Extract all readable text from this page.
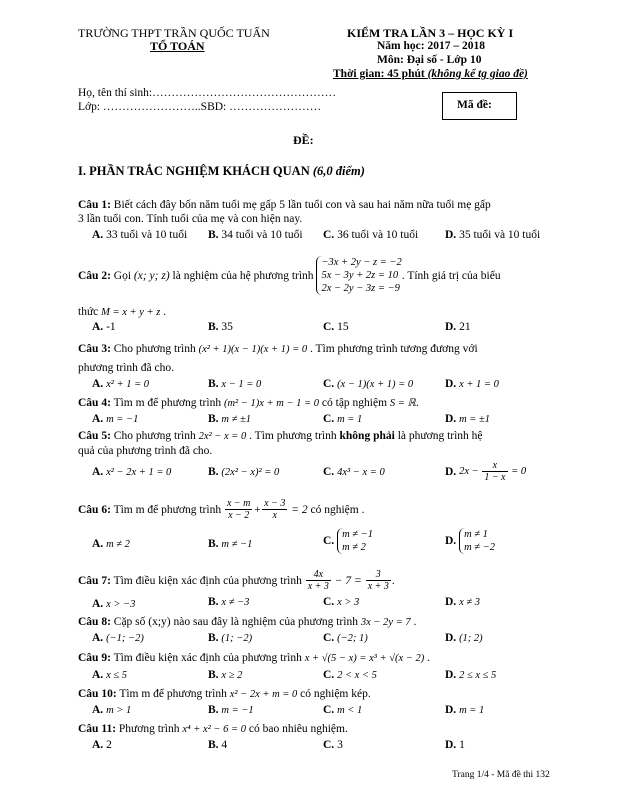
TRƯỜNG THPT TRẦN QUỐC TUẤN
TỔ TOÁN
KIỂM TRA LẦN 3 – HỌC KỲ I
Năm học: 2017 – 2018
Môn: Đại số - Lớp 10
Thời gian: 45 phút (không kể tg giao đề)
Họ, tên thí sinh:…………………………………………
Lớp: ……………………..SBD: ……………………	Mã đề:
ĐỀ:
I. PHẦN TRẮC NGHIỆM KHÁCH QUAN (6,0 điểm)
Câu 1: Biết cách đây bốn năm tuổi mẹ gấp 5 lần tuổi con và sau hai năm nữa tuổi mẹ gấp
3 lần tuổi con. Tính tuổi của mẹ và con hiện nay.
A. 33 tuổi và 10 tuổi B. 34 tuổi và 10 tuổi C. 36 tuổi và 10 tuổi D. 35 tuổi và 10 tuổi
Câu 2: Gọi (x; y; z) là nghiệm của hệ phương trình
−3x + 2y − z = −2
5x − 3y + 2z = 10
2x − 2y − 3z = −9
. Tính giá trị của biểu
thức M = x + y + z .
A. -1	B. 35	C. 15	D. 21
Câu 3: Cho phương trình (x² + 1)(x − 1)(x + 1) = 0 . Tìm phương trình tương đương với
phương trình đã cho.
A. x² + 1 = 0	B. x − 1 = 0	C. (x − 1)(x + 1) = 0	D. x + 1 = 0
Câu 4: Tìm m để phương trình (m² − 1)x + m − 1 = 0 có tập nghiệm S = ℝ.
A. m = −1	B. m ≠ ±1	C. m = 1	D. m = ±1
Câu 5: Cho phương trình 2x² − x = 0 . Tìm phương trình không phải là phương trình hệ
quả của phương trình đã cho.
A. x² − 2x + 1 = 0	B. (2x² − x)² = 0	C. 4x³ − x = 0	D.
$2x - \frac{x}{1 - x} = 0$
Câu 6: Tìm m để phương trình $\frac{x - m}{x - 2} + \frac{x - 3}{x} = 2$ có nghiệm .
A. m ≠ 2	B. m ≠ −1	C.

m ≠ −1
m ≠ 2
D.

m ≠ 1
m ≠ −2
Câu 7: Tìm điều kiện xác định của phương trình $\frac{4x}{x + 3} - 7 = \frac{3}{x + 3}$ .
A. x > −3	B. x ≠ −3	C. x > 3	D. x ≠ 3
Câu 8: Cặp số (x;y) nào sau đây là nghiệm của phương trình 3x − 2y = 7 .
A. (−1; −2)	B. (1; −2)	C. (−2; 1)	D. (1; 2)
Câu 9: Tìm điều kiện xác định của phương trình x + √(5 − x) = x³ + √(x − 2) .
A. x ≤ 5	B. x ≥ 2	C. 2 < x < 5	D. 2 ≤ x ≤ 5
Câu 10: Tìm m để phương trình x² − 2x + m = 0 có nghiệm kép.
A. m > 1	B. m = −1	C. m < 1	D. m = 1
Câu 11: Phương trình x⁴ + x² − 6 = 0 có bao nhiêu nghiệm.
A. 2	B. 4	C. 3	D. 1
Trang 1/4 - Mã đề thi 132
